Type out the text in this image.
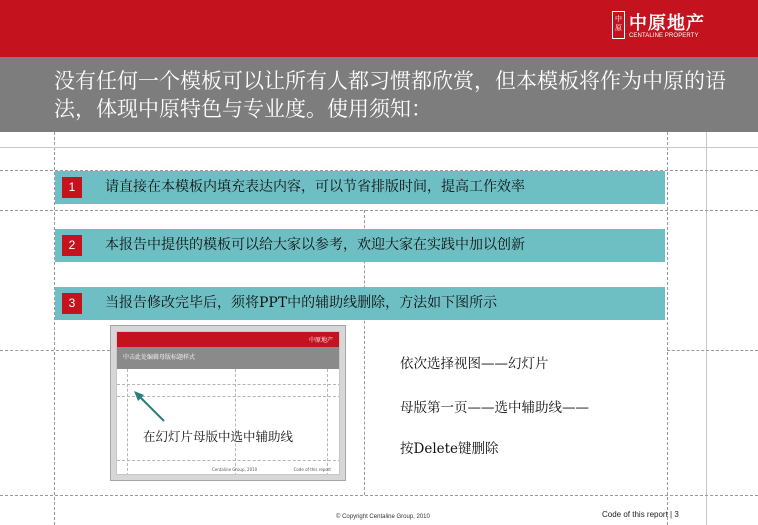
中原 中原地产
CENTALINE PROPERTY
没有任何一个模板可以让所有人都习惯都欣赏，但本模板将作为中原的语法，体现中原特色与专业度。使用须知：
1	请直接在本模板内填充表达内容，可以节省排版时间，提高工作效率
2	本报告中提供的模板可以给大家以参考，欢迎大家在实践中加以创新
3	当报告修改完毕后，须将PPT中的辅助线删除，方法如下图所示
中原地产
中击此处编辑母版标题样式
Centaline Group, 2010	Code of this report
在幻灯片母版中选中辅助线
依次选择视图——幻灯片
母版第一页——选中辅助线——
按Delete键删除
© Copyright Centaline Group, 2010	Code of this report | 3
